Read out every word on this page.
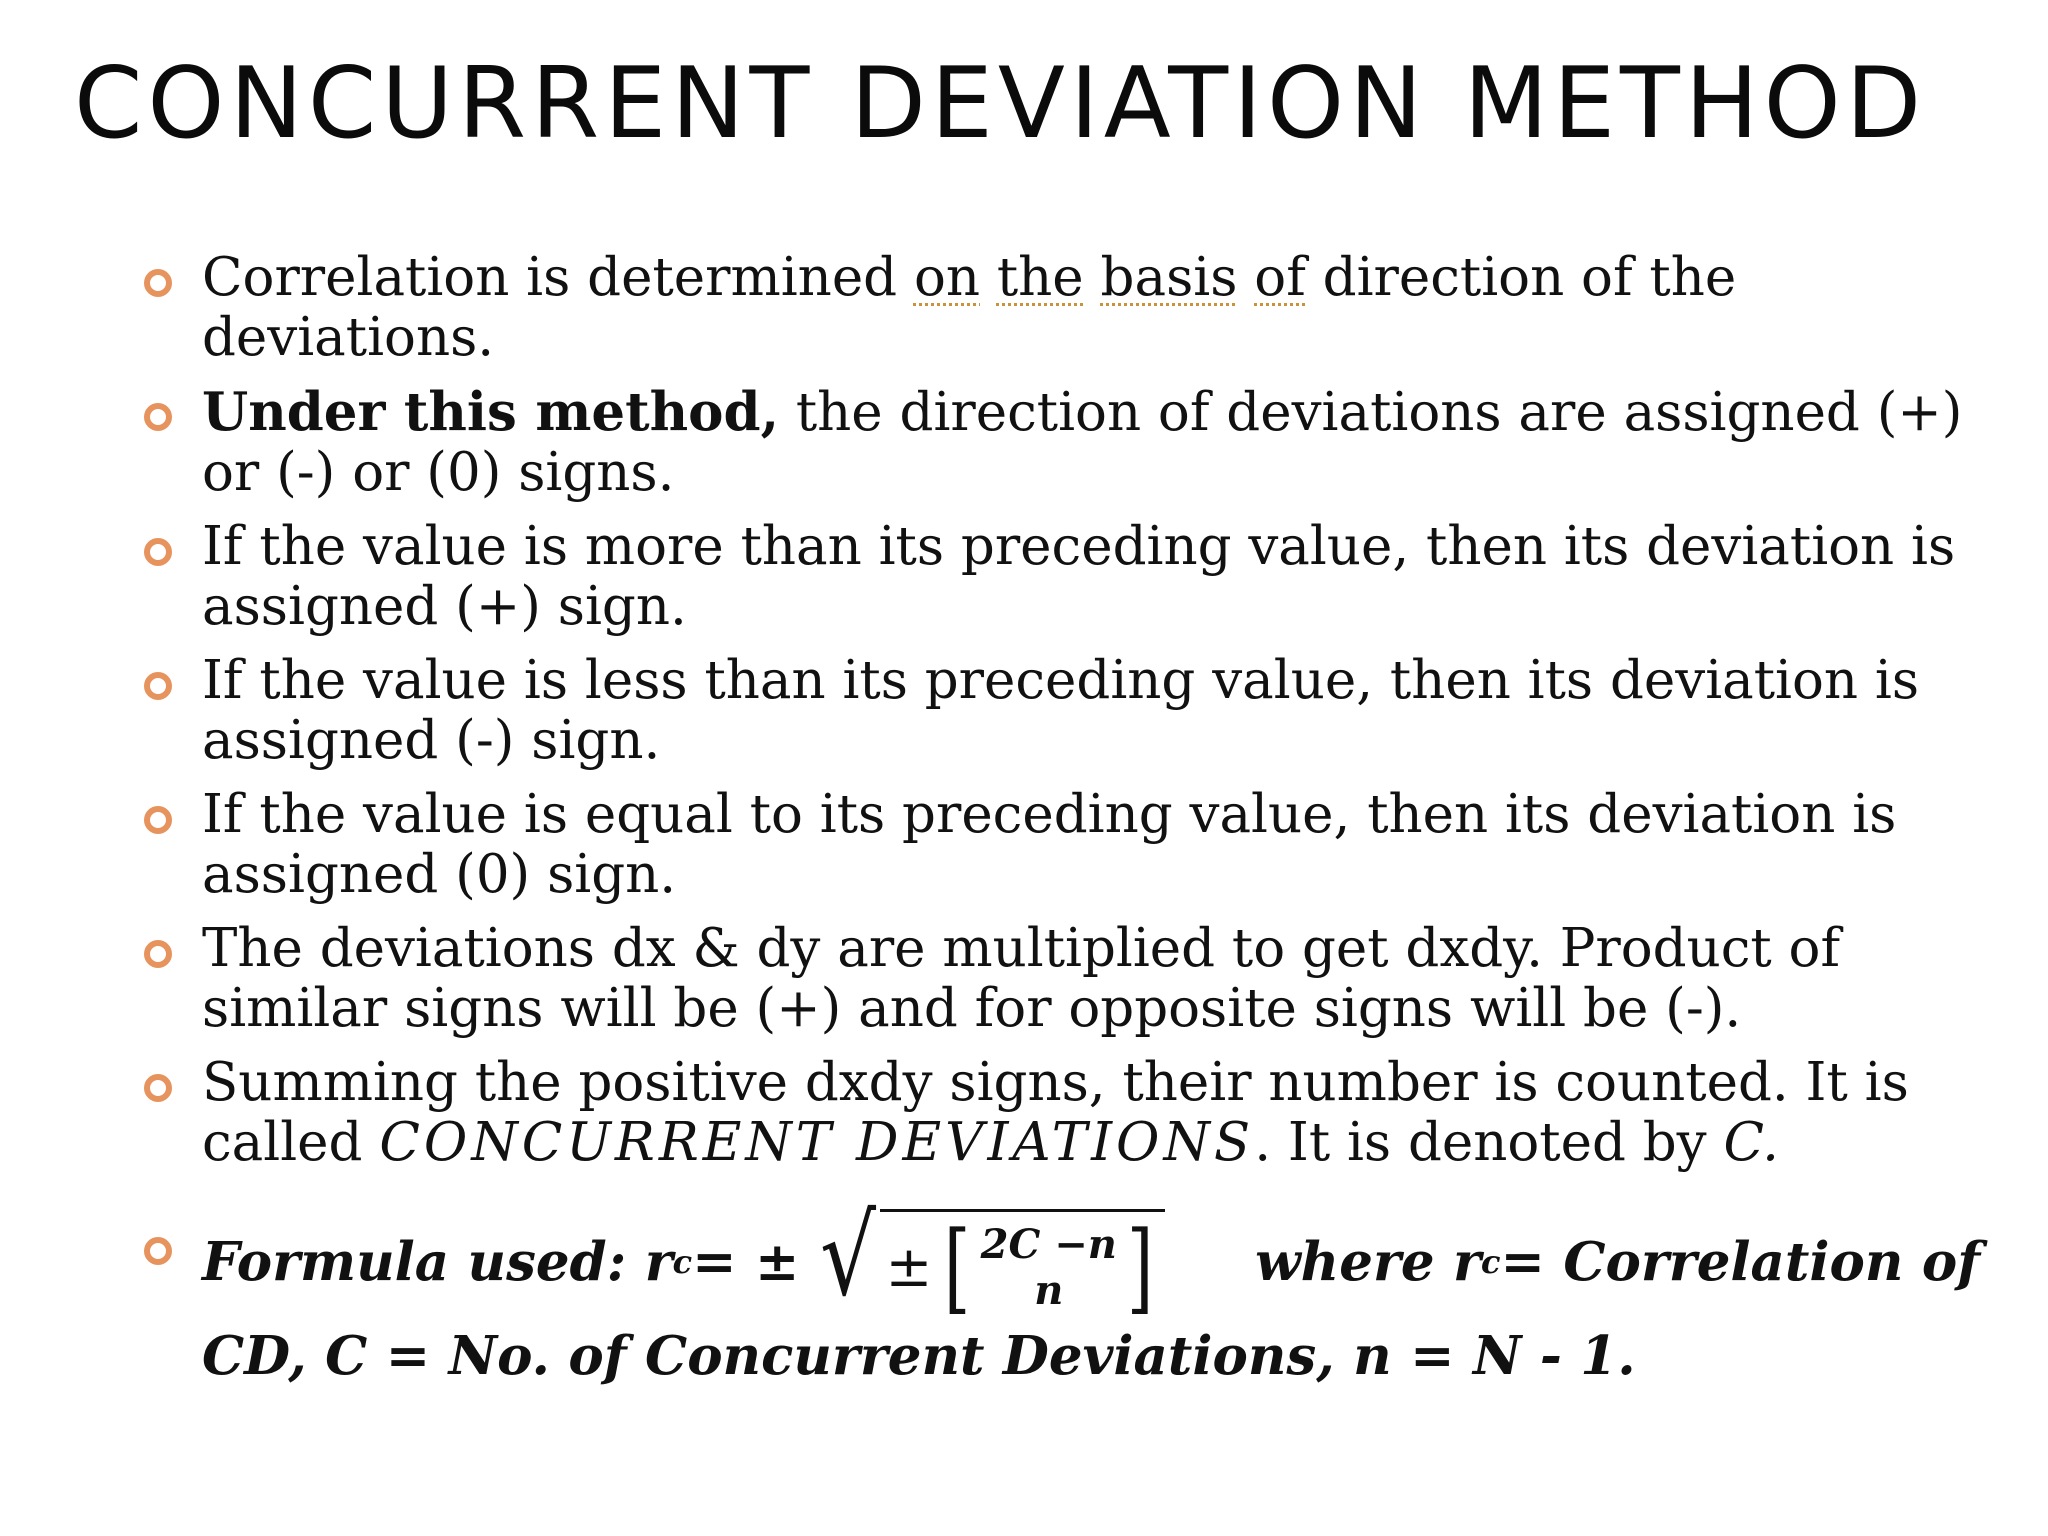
CONCURRENT DEVIATION METHOD
Correlation is determined on the basis of direction of the deviations.
Under this method, the direction of deviations are assigned (+) or (-) or (0) signs.
If the value is more than its preceding value, then its deviation is assigned (+) sign.
If the value is less than its preceding value, then its deviation is assigned (-) sign.
If the value is equal to its preceding value, then its deviation is assigned (0) sign.
The deviations dx & dy are multiplied to get dxdy. Product of similar signs will be (+) and for opposite signs will be (-).
Summing the positive dxdy signs, their number is counted. It is called CONCURRENT DEVIATIONS. It is denoted by C.
Formula used: r c = ± √ ± [ 2C −n
n ] where r c = Correlation of
CD, C = No. of Concurrent Deviations, n = N - 1.
